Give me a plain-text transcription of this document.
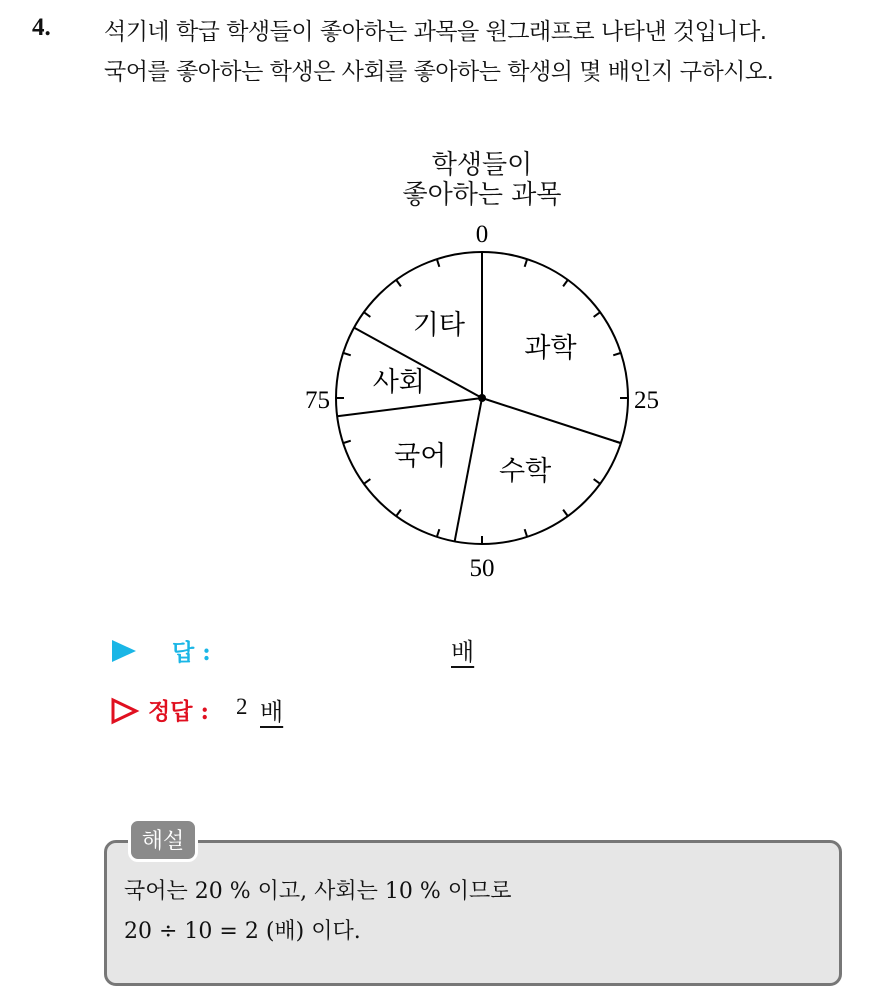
4. 석기네 학급 학생들이 좋아하는 과목을 원그래프로 나타낸 것입니다.
국어를 좋아하는 학생은 사회를 좋아하는 학생의 몇 배인지 구하시오.
학생들이
좋아하는 과목
과학
수학
국어
사회
기타
0
25
50
75
답 :	배
정답 : 2 배
해설
국어는 20 % 이고, 사회는 10 % 이므로
20 ÷ 10 = 2 (배) 이다.
